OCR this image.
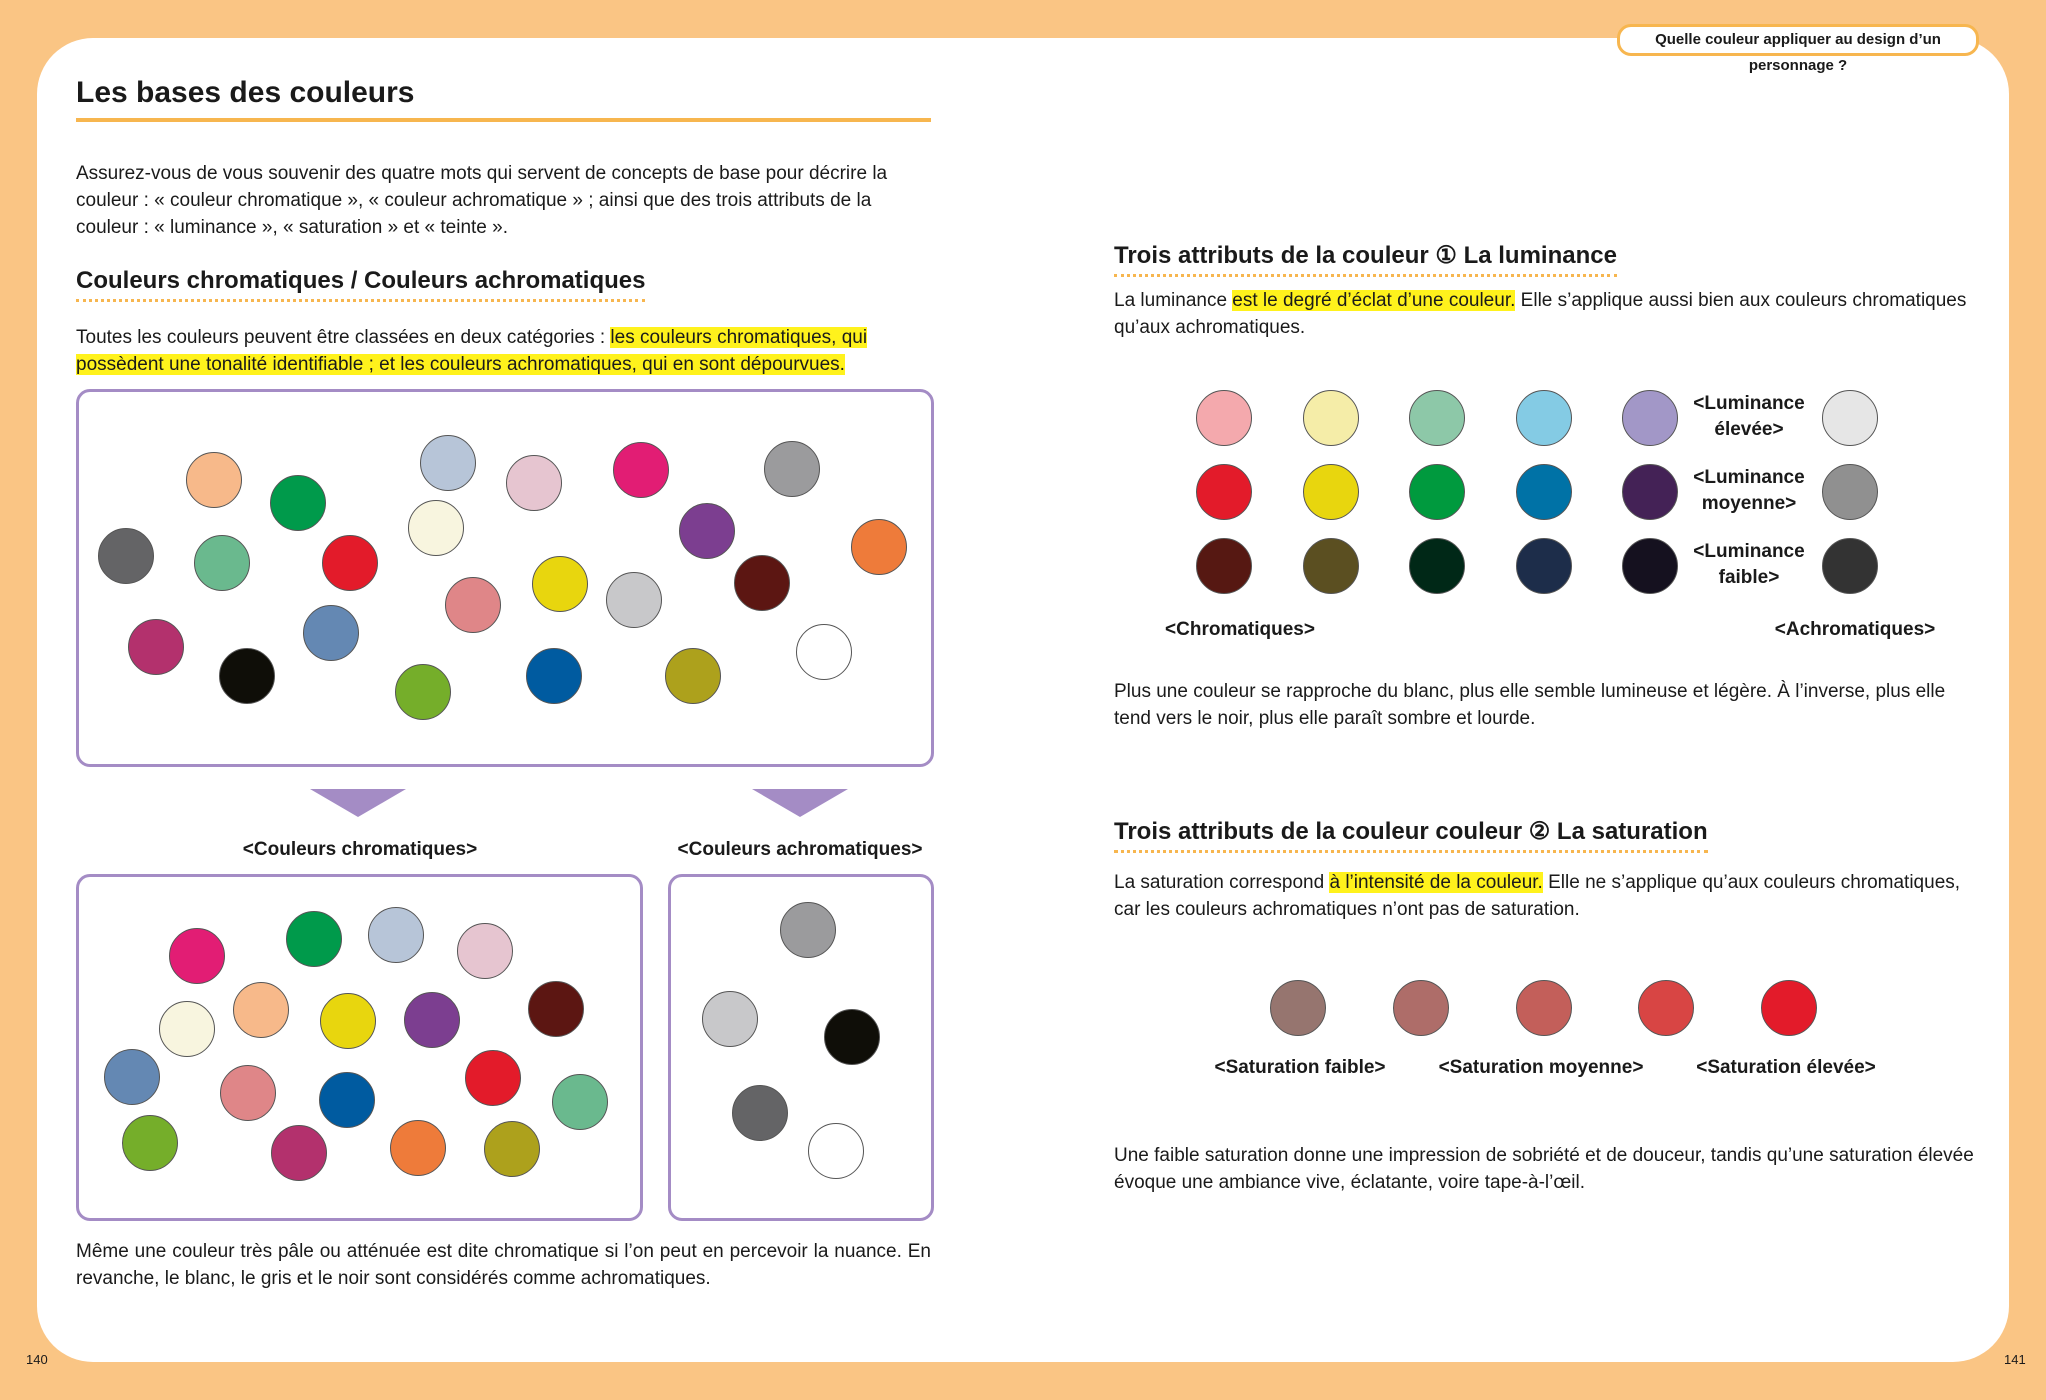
Quelle couleur appliquer au design d’un personnage ?
140	141
Les bases des couleurs
Assurez-vous de vous souvenir des quatre mots qui servent de concepts de base pour décrire la couleur : « couleur chromatique », « couleur achromatique » ; ainsi que des trois attributs de la couleur : « luminance », « saturation » et « teinte ».
Couleurs chromatiques / Couleurs achromatiques
Toutes les couleurs peuvent être classées en deux catégories : les couleurs chromatiques, qui possèdent une tonalité identifiable ; et les couleurs achromatiques, qui en sont dépourvues.
<Couleurs chromatiques>	<Couleurs achromatiques>
Même une couleur très pâle ou atténuée est dite chromatique si l’on peut en percevoir la nuance. En revanche, le blanc, le gris et le noir sont considérés comme achromatiques.
Trois attributs de la couleur ① La luminance
La luminance est le degré d’éclat d’une couleur. Elle s’applique aussi bien aux couleurs chromatiques qu’aux achromatiques.
<Chromatiques>	<Achromatiques>
Plus une couleur se rapproche du blanc, plus elle semble lumineuse et légère. À l’inverse, plus elle tend vers le noir, plus elle paraît sombre et lourde.
Trois attributs de la couleur couleur ② La saturation
La saturation correspond à l’intensité de la couleur. Elle ne s’applique qu’aux couleurs chromatiques, car les couleurs achromatiques n’ont pas de saturation.
<Saturation faible>	<Saturation moyenne>	<Saturation élevée>
Une faible saturation donne une impression de sobriété et de douceur, tandis qu’une saturation élevée évoque une ambiance vive, éclatante, voire tape-à-l’œil.
<Luminance élevée>
<Luminance moyenne>
<Luminance faible>
